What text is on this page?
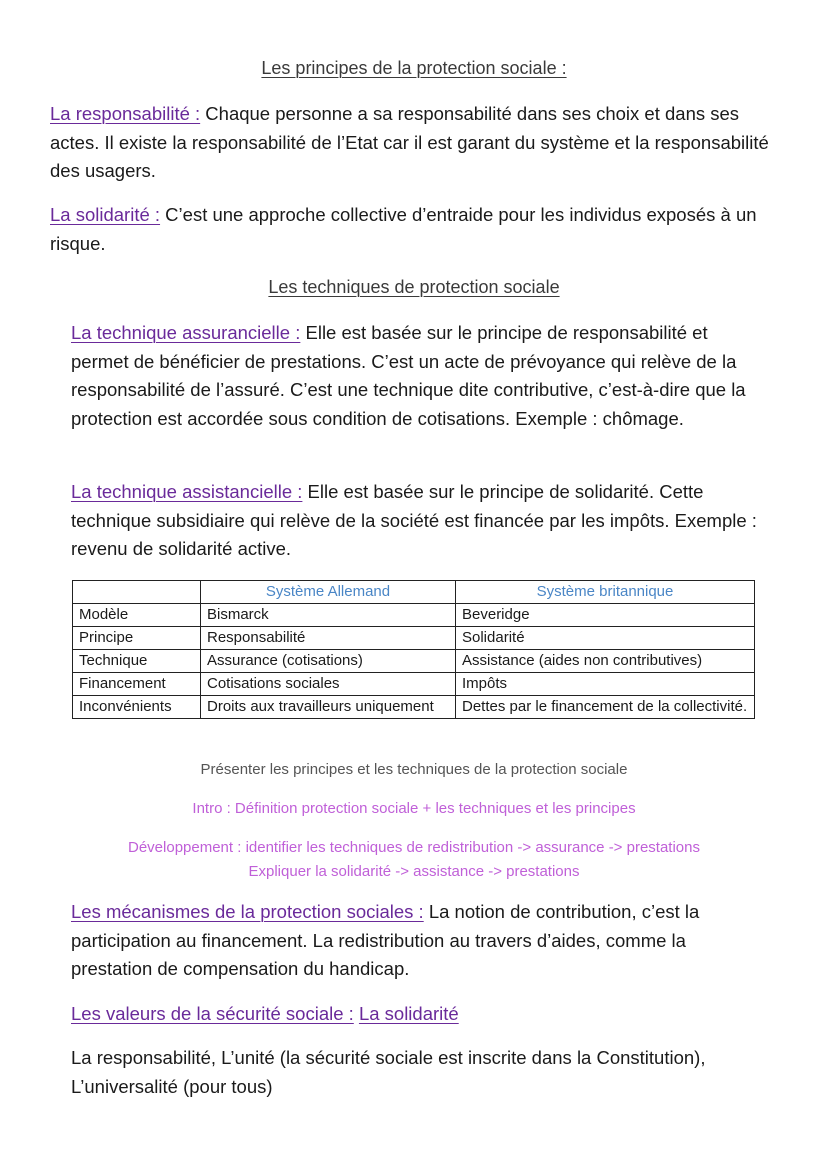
Les principes de la protection sociale :
La responsabilité : Chaque personne a sa responsabilité dans ses choix et dans ses actes. Il existe la responsabilité de l’Etat car il est garant du système et la responsabilité des usagers.
La solidarité : C’est une approche collective d’entraide pour les individus exposés à un risque.
Les techniques de protection sociale
La technique assurancielle : Elle est basée sur le principe de responsabilité et permet de bénéficier de prestations. C’est un acte de prévoyance qui relève de la responsabilité de l’assuré. C’est une technique dite contributive, c’est-à-dire que la protection est accordée sous condition de cotisations. Exemple : chômage.
La technique assistancielle : Elle est basée sur le principe de solidarité. Cette technique subsidiaire qui relève de la société est financée par les impôts. Exemple : revenu de solidarité active.
	Système Allemand	Système britannique
Modèle	Bismarck	Beveridge
Principe	Responsabilité	Solidarité
Technique	Assurance (cotisations)	Assistance (aides non contributives)
Financement	Cotisations sociales	Impôts
Inconvénients	Droits aux travailleurs uniquement	Dettes par le financement de la collectivité.
Présenter les principes et les techniques de la protection sociale
Intro : Définition protection sociale + les techniques et les principes
Développement : identifier les techniques de redistribution -> assurance -> prestations
Expliquer la solidarité -> assistance -> prestations
Les mécanismes de la protection sociales : La notion de contribution, c’est la participation au financement. La redistribution au travers d’aides, comme la prestation de compensation du handicap.
Les valeurs de la sécurité sociale : La solidarité
La responsabilité, L’unité (la sécurité sociale est inscrite dans la Constitution), L’universalité (pour tous)
